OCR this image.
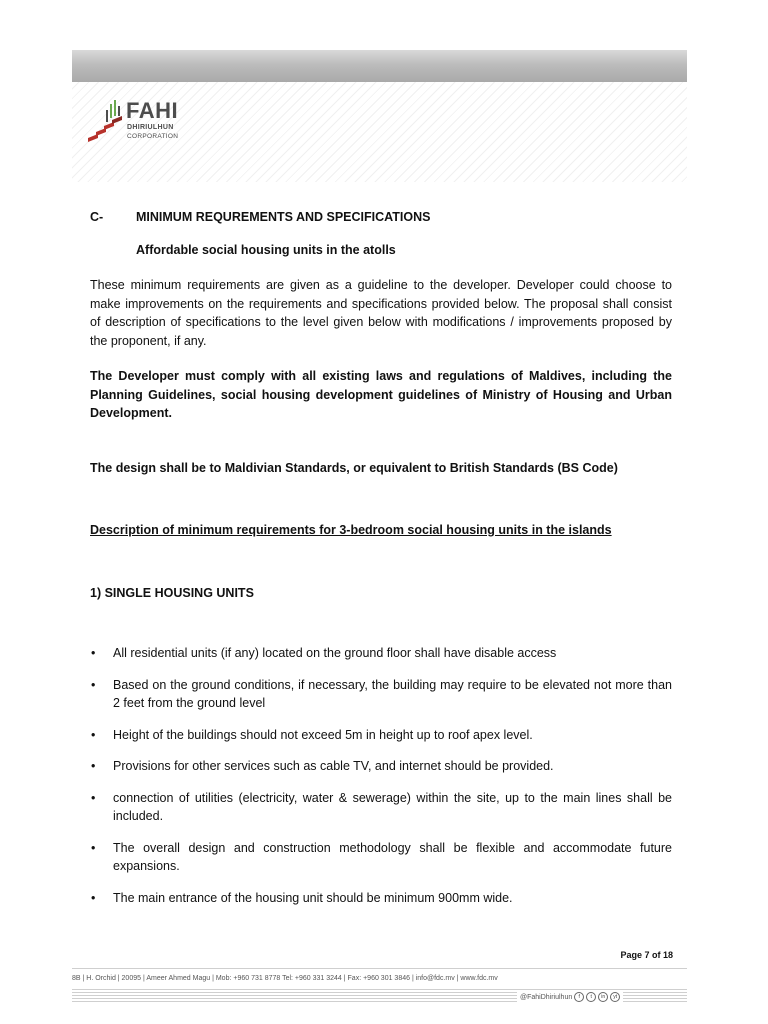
FAHI
DHIRIULHUN
CORPORATION
C-	MINIMUM REQUREMENTS AND SPECIFICATIONS
Affordable social housing units in the atolls

These minimum requirements are given as a guideline to the developer. Developer could choose to make improvements on the requirements and specifications provided below. The proposal shall consist of description of specifications to the level given below with modifications / improvements proposed by the proponent, if any.

The Developer must comply with all existing laws and regulations of Maldives, including the Planning Guidelines, social housing development guidelines of Ministry of Housing and Urban Development.

The design shall be to Maldivian Standards, or equivalent to British Standards (BS Code)

Description of minimum requirements for 3-bedroom social housing units in the islands

1) SINGLE HOUSING UNITS

• All residential units (if any) located on the ground floor shall have disable access
• Based on the ground conditions, if necessary, the building may require to be elevated not more than 2 feet from the ground level
• Height of the buildings should not exceed 5m in height up to roof apex level.
• Provisions for other services such as cable TV, and internet should be provided.
• connection of utilities (electricity, water & sewerage) within the site, up to the main lines shall be included.
• The overall design and construction methodology shall be flexible and accommodate future expansions.
• The main entrance of the housing unit should be minimum 900mm wide.
Page 7 of 18
8B | H. Orchid | 20095 | Ameer Ahmed Magu | Mob: +960 731 8778 Tel: +960 331 3244 | Fax: +960 301 3846 | info@fdc.mv | www.fdc.mv
@FahiDhiriulhun	f	t	in	yt
